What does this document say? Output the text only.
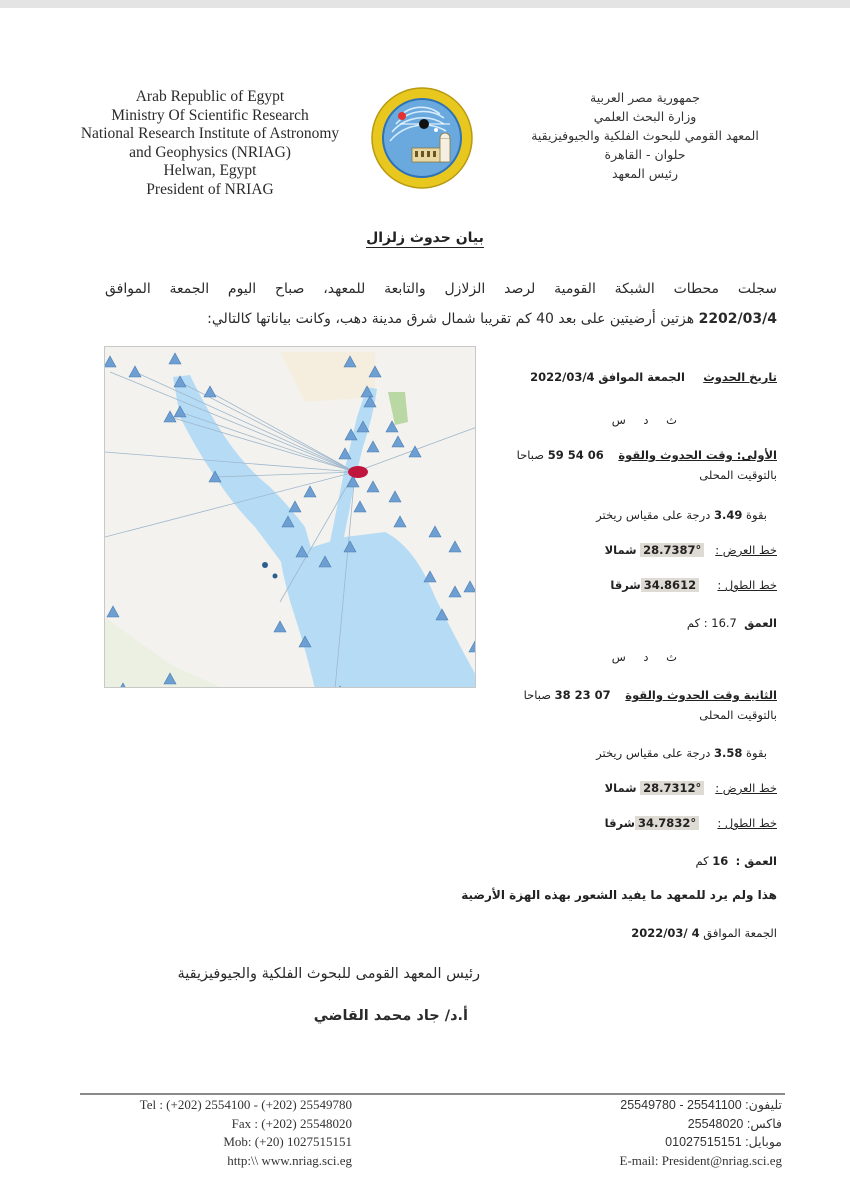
Arab Republic of Egypt
Ministry Of Scientific Research
National Research Institute of Astronomy
and Geophysics (NRIAG)
Helwan, Egypt
President of NRIAG
جمهورية مصر العربية
وزارة البحث العلمي
المعهد القومي للبحوث الفلكية والجيوفيزيقية
حلوان - القاهرة
رئيس المعهد
بيان حدوث زلزال
سجلت محطات الشبكة القومية لرصد الزلازل والتابعة للمعهد، صباح اليوم الجمعة الموافق
2202/03/4 هزتين أرضيتين على بعد 40 كم تقريبا شمال شرق مدينة دهب، وكانت بياناتها كالتالي:
تاريخ الحدوث     الجمعة الموافق 2022/03/4
ث د س
الأولى: وقت الحدوث والقوة    59 54 06 صباحا
بالتوقيت المحلى
بقوة 3.49 درجة على مقياس ريختر
خط العرض :   28.7387° شمالا
خط الطول :     34.8612شرقا
العمق  16.7 : كم
ث د س
الثانية وقت الحدوث والقوة    38 23 07 صباحا
بالتوقيت المحلى
بقوة 3.58 درجة على مقياس ريختر
خط العرض :   28.7312° شمالا
خط الطول :     34.7832°شرقا
العمق :  16 كم
هذا ولم يرد للمعهد ما يفيد الشعور بهذه الهزة الأرضية
الجمعة الموافق 2022/03/ 4
رئيس المعهد القومى للبحوث الفلكية والجيوفيزيقية
أ.د/ جاد محمد القاضي
Tel : (+202) 2554100 - (+202) 25549780
Fax : (+202) 25548020
Mob: (+20) 1027515151
http:\\ www.nriag.sci.eg
تليفون: 25549780 - 25541100
فاكس: 25548020
موبايل: 01027515151
E-mail: President@nriag.sci.eg
